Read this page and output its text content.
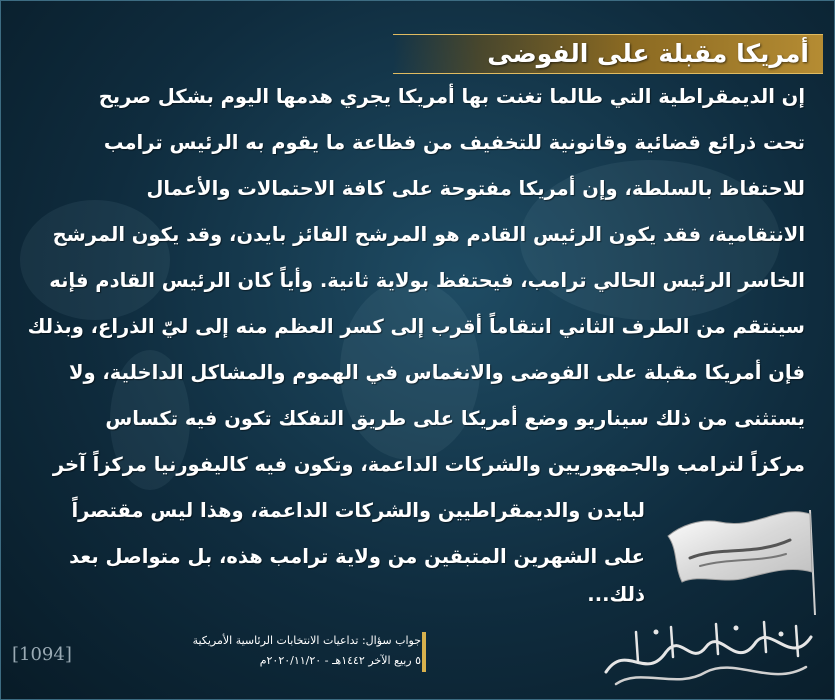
أمريكا مقبلة على الفوضى
إن الديمقراطية التي طالما تغنت بها أمريكا يجري هدمها اليوم بشكل صريح
تحت ذرائع قضائية وقانونية للتخفيف من فظاعة ما يقوم به الرئيس ترامب
للاحتفاظ بالسلطة، وإن أمريكا مفتوحة على كافة الاحتمالات والأعمال
الانتقامية، فقد يكون الرئيس القادم هو المرشح الفائز بايدن، وقد يكون المرشح
الخاسر الرئيس الحالي ترامب، فيحتفظ بولاية ثانية. وأياً كان الرئيس القادم فإنه
سينتقم من الطرف الثاني انتقاماً أقرب إلى كسر العظم منه إلى ليّ الذراع، وبذلك
فإن أمريكا مقبلة على الفوضى والانغماس في الهموم والمشاكل الداخلية، ولا
يستثنى من ذلك سيناريو وضع أمريكا على طريق التفكك تكون فيه تكساس
مركزاً لترامب والجمهوريين والشركات الداعمة، وتكون فيه كاليفورنيا مركزاً آخر
لبايدن والديمقراطيين والشركات الداعمة، وهذا ليس مقتصراً
على الشهرين المتبقين من ولاية ترامب هذه، بل متواصل بعد
ذلك...
جواب سؤال: تداعيات الانتخابات الرئاسية الأمريكية
٥ ربيع الآخر ١٤٤٢هـ - ٢٠٢٠/١١/٢٠م
[1094]
